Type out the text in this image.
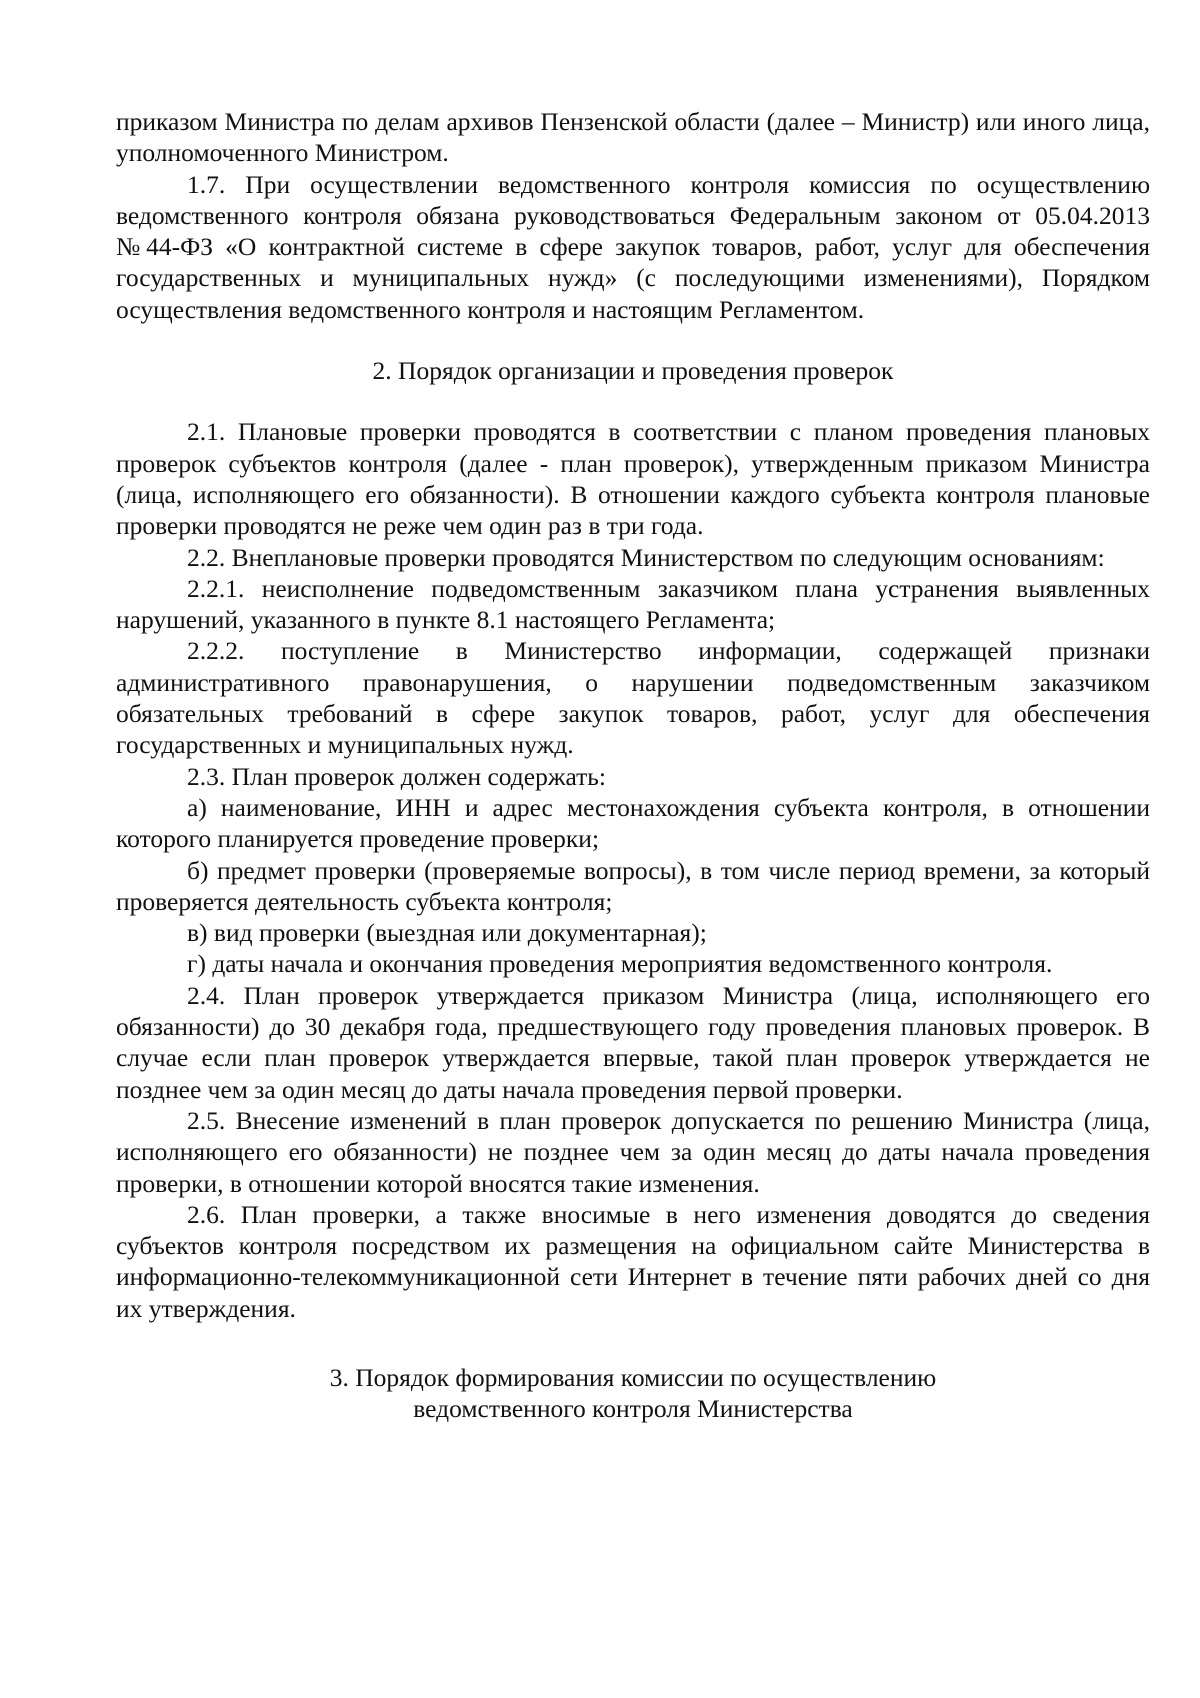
приказом Министра по делам архивов Пензенской области (далее – Министр) или иного лица, уполномоченного Министром.

1.7. При осуществлении ведомственного контроля комиссия по осуществлению ведомственного контроля обязана руководствоваться Федеральным законом от 05.04.2013 №44-ФЗ «О контрактной системе в сфере закупок товаров, работ, услуг для обеспечения государственных и муниципальных нужд» (с последующими изменениями), Порядком осуществления ведомственного контроля и настоящим Регламентом.

2. Порядок организации и проведения проверок

2.1. Плановые проверки проводятся в соответствии с планом проведения плановых проверок субъектов контроля (далее - план проверок), утвержденным приказом Министра (лица, исполняющего его обязанности). В отношении каждого субъекта контроля плановые проверки проводятся не реже чем один раз в три года.

2.2. Внеплановые проверки проводятся Министерством по следующим основаниям:

2.2.1. неисполнение подведомственным заказчиком плана устранения выявленных нарушений, указанного в пункте 8.1 настоящего Регламента;

2.2.2. поступление в Министерство информации, содержащей признаки административного правонарушения, о нарушении подведомственным заказчиком обязательных требований в сфере закупок товаров, работ, услуг для обеспечения государственных и муниципальных нужд.

2.3. План проверок должен содержать:

а) наименование, ИНН и адрес местонахождения субъекта контроля, в отношении которого планируется проведение проверки;

б) предмет проверки (проверяемые вопросы), в том числе период времени, за который проверяется деятельность субъекта контроля;

в) вид проверки (выездная или документарная);

г) даты начала и окончания проведения мероприятия ведомственного контроля.

2.4. План проверок утверждается приказом Министра (лица, исполняющего его обязанности) до 30 декабря года, предшествующего году проведения плановых проверок. В случае если план проверок утверждается впервые, такой план проверок утверждается не позднее чем за один месяц до даты начала проведения первой проверки.

2.5. Внесение изменений в план проверок допускается по решению Министра (лица, исполняющего его обязанности) не позднее чем за один месяц до даты начала проведения проверки, в отношении которой вносятся такие изменения.

2.6. План проверки, а также вносимые в него изменения доводятся до сведения субъектов контроля посредством их размещения на официальном сайте Министерства в информационно-телекоммуникационной сети Интернет в течение пяти рабочих дней со дня их утверждения.

3. Порядок формирования комиссии по осуществлению

ведомственного контроля Министерства
